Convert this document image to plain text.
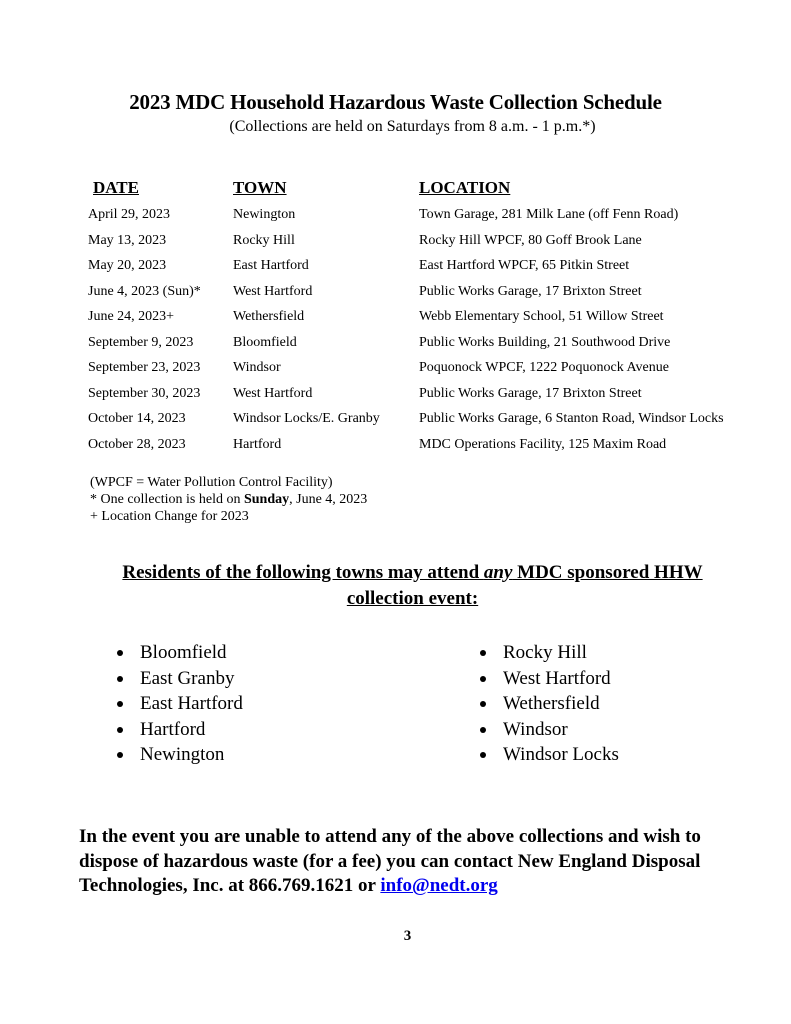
2023 MDC Household Hazardous Waste Collection Schedule
(Collections are held on Saturdays from 8 a.m. - 1 p.m.*)
DATE	TOWN	LOCATION
April 29, 2023	Newington	Town Garage, 281 Milk Lane (off Fenn Road)
May 13, 2023	Rocky Hill	Rocky Hill WPCF, 80 Goff Brook Lane
May 20, 2023	East Hartford	East Hartford WPCF, 65 Pitkin Street
June 4, 2023 (Sun)* West Hartford	Public Works Garage, 17 Brixton Street
June 24, 2023+	Wethersfield	Webb Elementary School, 51 Willow Street
September 9, 2023	Bloomfield	Public Works Building, 21 Southwood Drive
September 23, 2023 Windsor	Poquonock WPCF, 1222 Poquonock Avenue
September 30, 2023 West Hartford	Public Works Garage, 17 Brixton Street
October 14, 2023	Windsor Locks/E. Granby	Public Works Garage, 6 Stanton Road, Windsor Locks
October 28, 2023	Hartford	MDC Operations Facility, 125 Maxim Road
(WPCF = Water Pollution Control Facility)
* One collection is held on Sunday, June 4, 2023
+ Location Change for 2023
Residents of the following towns may attend any MDC sponsored HHW
collection event:
Bloomfield
East Granby
East Hartford
Hartford
Newington
Rocky Hill
West Hartford
Wethersfield
Windsor
Windsor Locks
In the event you are unable to attend any of the above collections and wish to dispose of hazardous waste (for a fee) you can contact New England Disposal Technologies, Inc. at 866.769.1621 or info@nedt.org
3
